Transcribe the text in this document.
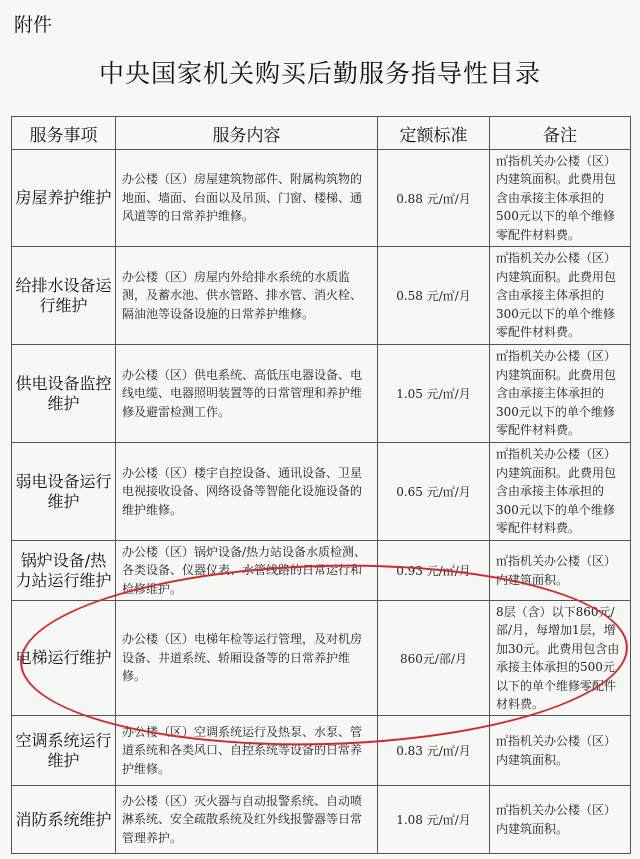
附件
中央国家机关购买后勤服务指导性目录
服务事项	服务内容	定额标准	备注
房屋养护维护	办公楼（区）房屋建筑物部件、附属构筑物的地面、墙面、台面以及吊顶、门窗、楼梯、通风道等的日常养护维修。	0.88 元/㎡/月	㎡指机关办公楼（区）内建筑面积。此费用包含由承接主体承担的500元以下的单个维修零配件材料费。
给排水设备运行维护	办公楼（区）房屋内外给排水系统的水质监测，及蓄水池、供水管路、排水管、消火栓、隔油池等设备设施的日常养护维修。	0.58 元/㎡/月	㎡指机关办公楼（区）内建筑面积。此费用包含由承接主体承担的300元以下的单个维修零配件材料费。
供电设备监控维护	办公楼（区）供电系统、高低压电器设备、电线电缆、电器照明装置等的日常管理和养护维修及避雷检测工作。	1.05 元/㎡/月	㎡指机关办公楼（区）内建筑面积。此费用包含由承接主体承担的300元以下的单个维修零配件材料费。
弱电设备运行维护	办公楼（区）楼宇自控设备、通讯设备、卫星电视接收设备、网络设备等智能化设施设备的维护维修。	0.65 元/㎡/月	㎡指机关办公楼（区）内建筑面积。此费用包含由承接主体承担的300元以下的单个维修零配件材料费。
锅炉设备/热力站运行维护	办公楼（区）锅炉设备/热力站设备水质检测、各类设备、仪器仪表、水管线路的日常运行和检修维护。	0.93 元/㎡/月	㎡指机关办公楼（区）内建筑面积。
电梯运行维护	办公楼（区）电梯年检等运行管理，及对机房设备、井道系统、轿厢设备等的日常养护维修。	860元/部/月	8层（含）以下860元/部/月，每增加1层，增加30元。此费用包含由承接主体承担的500元以下的单个维修零配件材料费。
空调系统运行维护	办公楼（区）空调系统运行及热泵、水泵、管道系统和各类风口、自控系统等设备的日常养护维修。	0.83 元/㎡/月	㎡指机关办公楼（区）内建筑面积。
消防系统维护	办公楼（区）灭火器与自动报警系统、自动喷淋系统、安全疏散系统及红外线报警器等日常管理养护。	1.08 元/㎡/月	㎡指机关办公楼（区）内建筑面积。
